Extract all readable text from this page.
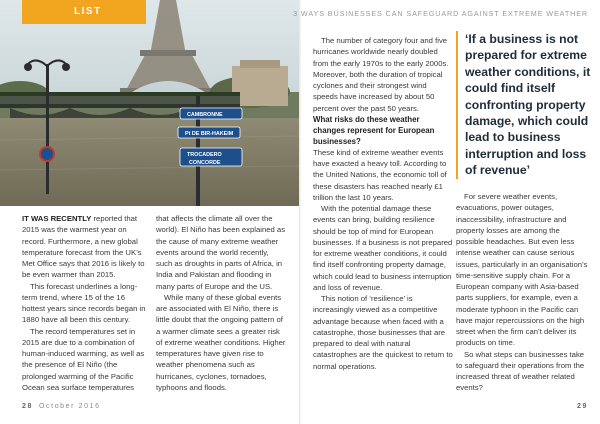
CAMBRONNE
Pt DE BIR-HAKEIM
TROCADERO
CONCORDE
LIST

IT WAS RECENTLY reported that 2015 was the warmest year on record. Furthermore, a new global temperature forecast from the UK’s Met Office says that 2016 is likely to be even warmer than 2015.

This forecast underlines a long-term trend, where 15 of the 16 hottest years since records began in 1880 have all been this century.

The record temperatures set in 2015 are due to a combination of human-induced warming, as well as the presence of El Niño (the prolonged warming of the Pacific Ocean sea surface temperatures

that affects the climate all over the world). El Niño has been explained as the cause of many extreme weather events around the world recently, such as droughts in parts of Africa, in India and Pakistan and flooding in many parts of Europe and the US.

While many of these global events are associated with El Niño, there is little doubt that the ongoing pattern of a warmer climate sees a greater risk of extreme weather conditions. Higher temperatures have given rise to weather phenomena such as hurricanes, cyclones, tornadoes, typhoons and floods.

28 October 2016
3 WAYS BUSINESSES CAN SAFEGUARD AGAINST EXTREME WEATHER

The number of category four and five hurricanes worldwide nearly doubled from the early 1970s to the early 2000s. Moreover, both the duration of tropical cyclones and their strongest wind speeds have increased by about 50 percent over the past 50 years.

What risks do these weather changes represent for European businesses?

These kind of extreme weather events have exacted a heavy toll. According to the United Nations, the economic toll of these disasters has reached nearly £1 trillion the last 10 years.

With the potential damage these events can bring, building resilience should be top of mind for European businesses. If a business is not prepared for extreme weather conditions, it could find itself confronting property damage, which could lead to business interruption and loss of revenue.

This notion of ‘resilience’ is increasingly viewed as a competitive advantage because when faced with a catastrophe, those businesses that are prepared to deal with natural catastrophes are the quickest to return to normal operations.

‘If a business is not prepared for extreme weather conditions, it could find itself confronting property damage, which could lead to business interruption and loss of revenue’

For severe weather events, evacuations, power outages, inaccessibility, infrastructure and property losses are among the possible headaches. But even less intense weather can cause serious issues, particularly in an organisation’s time-sensitive supply chain. For a European company with Asia-based parts suppliers, for example, even a moderate typhoon in the Pacific can have major repercussions on the high street when the firm can’t deliver its products on time.

So what steps can businesses take to safeguard their operations from the increased threat of weather related events?

29
